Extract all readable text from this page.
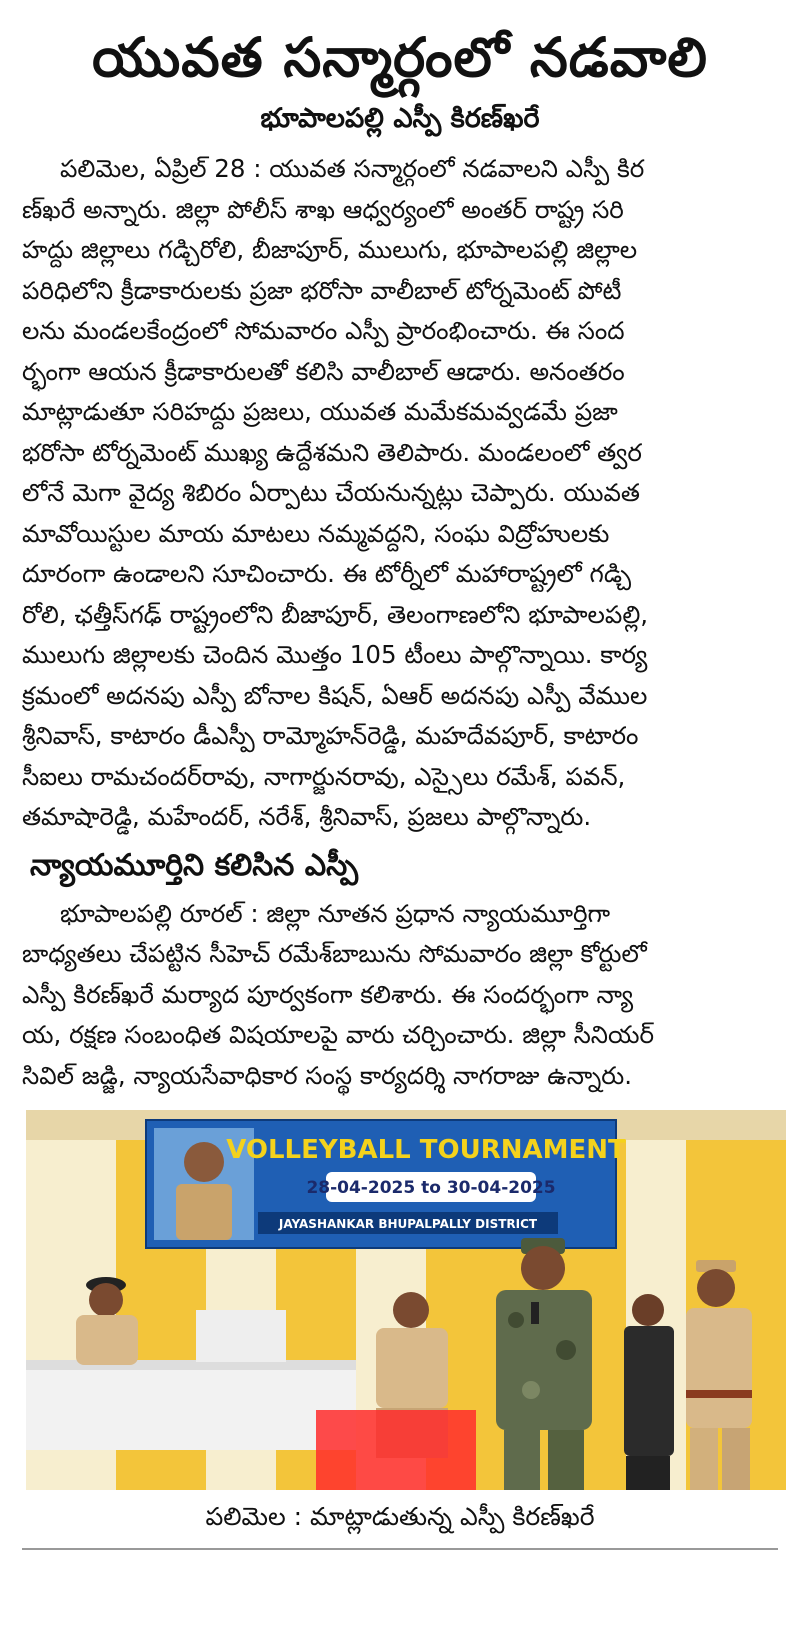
యువత సన్మార్గంలో నడవాలి
భూపాలపల్లి ఎస్పీ కిరణ్‌ఖరే
పలిమెల, ఏప్రిల్ 28 : యువత సన్మార్గంలో నడవాలని ఎస్పీ కిర
ణ్‌ఖరే అన్నారు. జిల్లా పోలీస్ శాఖ ఆధ్వర్యంలో అంతర్ రాష్ట్ర సరి
హద్దు జిల్లాలు గడ్చిరోలి, బీజాపూర్, ములుగు, భూపాలపల్లి జిల్లాల
పరిధిలోని క్రీడాకారులకు ప్రజా భరోసా వాలీబాల్ టోర్నమెంట్ పోటీ
లను మండలకేంద్రంలో సోమవారం ఎస్పీ ప్రారంభించారు. ఈ సంద
ర్భంగా ఆయన క్రీడాకారులతో కలిసి వాలీబాల్ ఆడారు. అనంతరం
మాట్లాడుతూ సరిహద్దు ప్రజలు, యువత మమేకమవ్వడమే ప్రజా
భరోసా టోర్నమెంట్ ముఖ్య ఉద్దేశమని తెలిపారు. మండలంలో త్వర
లోనే మెగా వైద్య శిబిరం ఏర్పాటు చేయనున్నట్లు చెప్పారు. యువత
మావోయిస్టుల మాయ మాటలు నమ్మవద్దని, సంఘ విద్రోహులకు
దూరంగా ఉండాలని సూచించారు. ఈ టోర్నీలో మహారాష్ట్రలో గడ్చి
రోలి, ఛత్తీస్‌గఢ్ రాష్ట్రంలోని బీజాపూర్, తెలంగాణలోని భూపాలపల్లి,
ములుగు జిల్లాలకు చెందిన మొత్తం 105 టీంలు పాల్గొన్నాయి. కార్య
క్రమంలో అదనపు ఎస్పీ బోనాల కిషన్, ఏఆర్ అదనపు ఎస్పీ వేముల
శ్రీనివాస్, కాటారం డీఎస్పీ రామ్మోహన్‌రెడ్డి, మహదేవపూర్, కాటారం
సీఐలు రామచందర్‌రావు, నాగార్జునరావు, ఎస్సైలు రమేశ్, పవన్,
తమాషారెడ్డి, మహేందర్, నరేశ్, శ్రీనివాస్, ప్రజలు పాల్గొన్నారు.
న్యాయమూర్తిని కలిసిన ఎస్పీ
భూపాలపల్లి రూరల్ : జిల్లా నూతన ప్రధాన న్యాయమూర్తిగా
బాధ్యతలు చేపట్టిన సీహెచ్ రమేశ్‌బాబును సోమవారం జిల్లా కోర్టులో
ఎస్పీ కిరణ్‌ఖరే మర్యాద పూర్వకంగా కలిశారు. ఈ సందర్భంగా న్యా
య, రక్షణ సంబంధిత విషయాలపై వారు చర్చించారు. జిల్లా సీనియర్
సివిల్ జడ్జి, న్యాయసేవాధికార సంస్థ కార్యదర్శి నాగరాజు ఉన్నారు.
VOLLEYBALL TOURNAMENT
28-04-2025 to 30-04-2025
JAYASHANKAR BHUPALPALLY DISTRICT
పలిమెల : మాట్లాడుతున్న ఎస్పీ కిరణ్‌ఖరే
